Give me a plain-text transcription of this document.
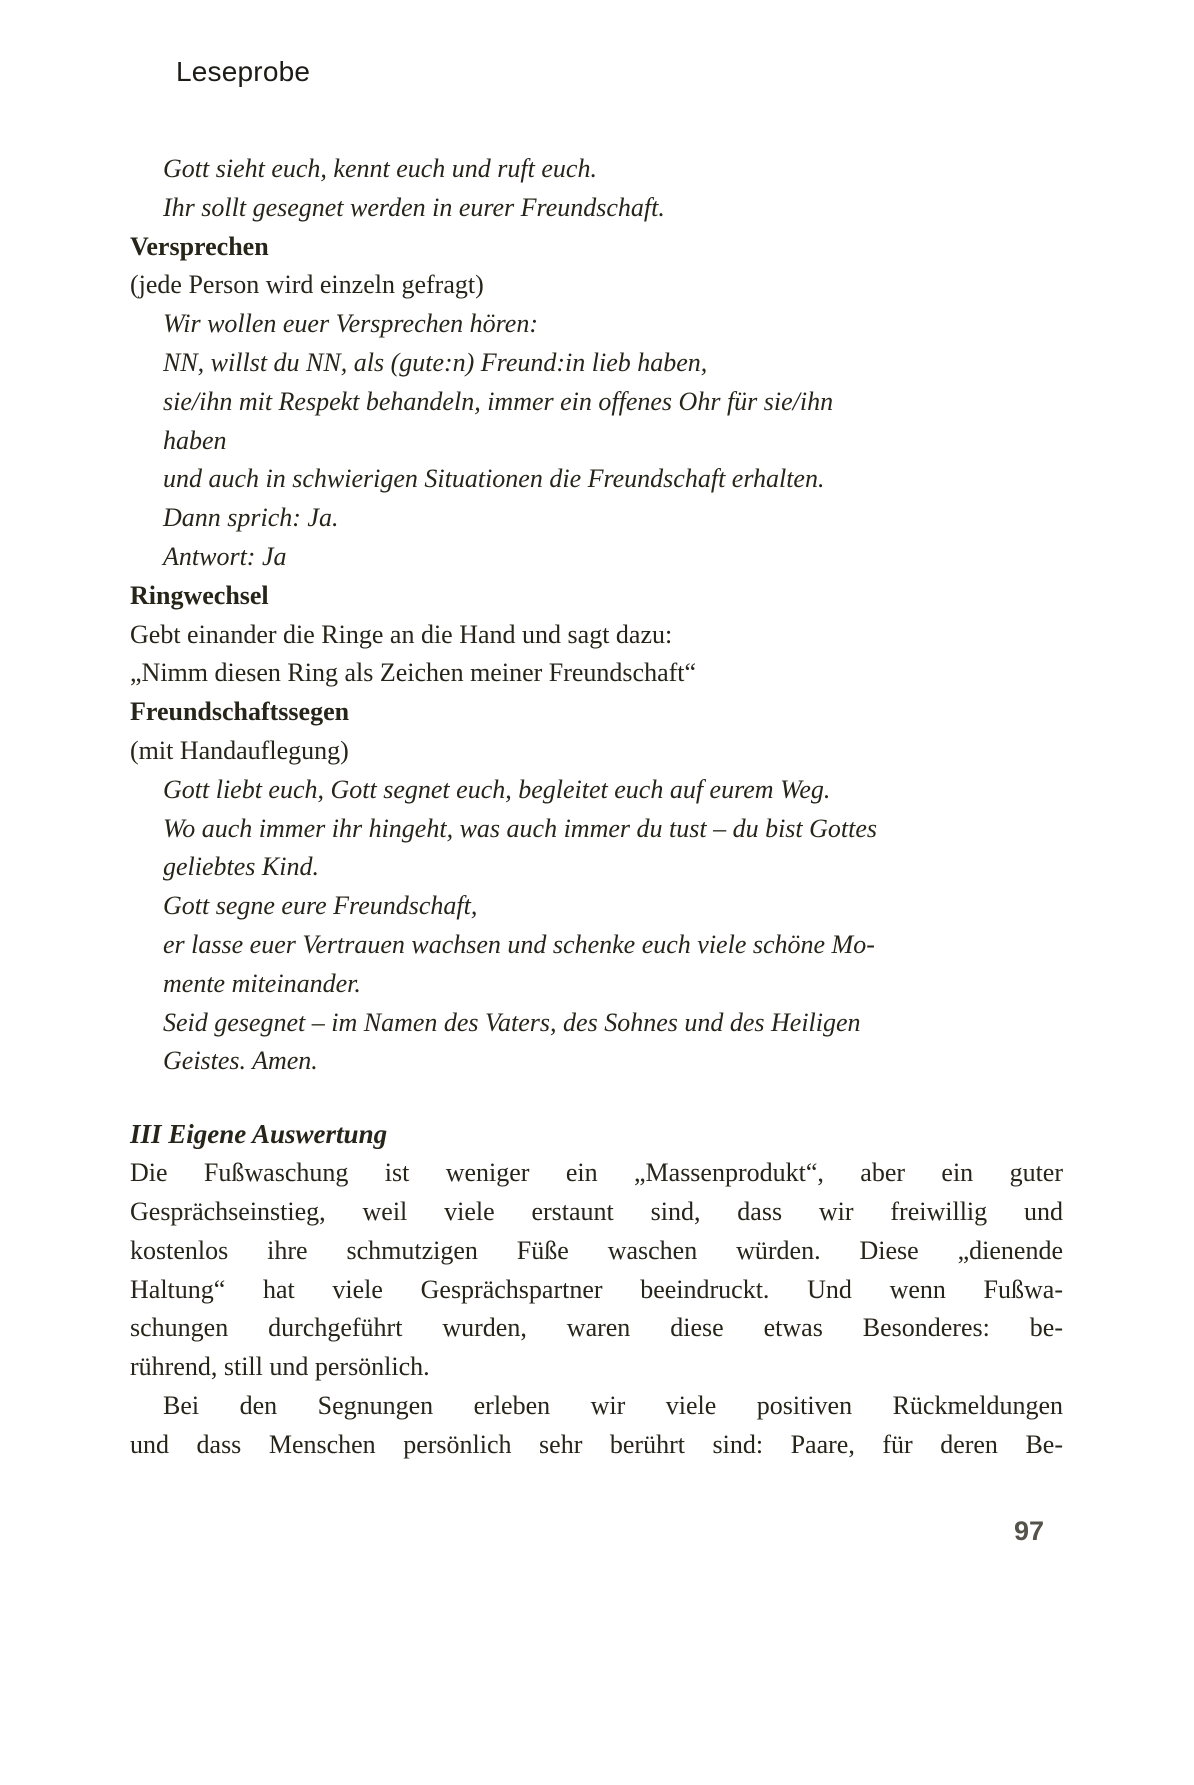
Leseprobe
Gott sieht euch, kennt euch und ruft euch.
Ihr sollt gesegnet werden in eurer Freundschaft.
Versprechen
(jede Person wird einzeln gefragt)
Wir wollen euer Versprechen hören:
NN, willst du NN, als (gute:n) Freund:in lieb haben,
sie/ihn mit Respekt behandeln, immer ein offenes Ohr für sie/ihn
haben
und auch in schwierigen Situationen die Freundschaft erhalten.
Dann sprich: Ja.
Antwort: Ja
Ringwechsel
Gebt einander die Ringe an die Hand und sagt dazu:
„Nimm diesen Ring als Zeichen meiner Freundschaft“
Freundschaftssegen
(mit Handauflegung)
Gott liebt euch, Gott segnet euch, begleitet euch auf eurem Weg.
Wo auch immer ihr hingeht, was auch immer du tust – du bist Gottes
geliebtes Kind.
Gott segne eure Freundschaft,
er lasse euer Vertrauen wachsen und schenke euch viele schöne Mo-
mente miteinander.
Seid gesegnet – im Namen des Vaters, des Sohnes und des Heiligen
Geistes. Amen.
III Eigene Auswertung
Die Fußwaschung ist weniger ein „Massenprodukt“, aber ein guter
Gesprächseinstieg, weil viele erstaunt sind, dass wir freiwillig und
kostenlos ihre schmutzigen Füße waschen würden. Diese „dienende
Haltung“ hat viele Gesprächspartner beeindruckt. Und wenn Fußwa-
schungen durchgeführt wurden, waren diese etwas Besonderes: be-
rührend, still und persönlich.
Bei den Segnungen erleben wir viele positiven Rückmeldungen
und dass Menschen persönlich sehr berührt sind: Paare, für deren Be-
97
